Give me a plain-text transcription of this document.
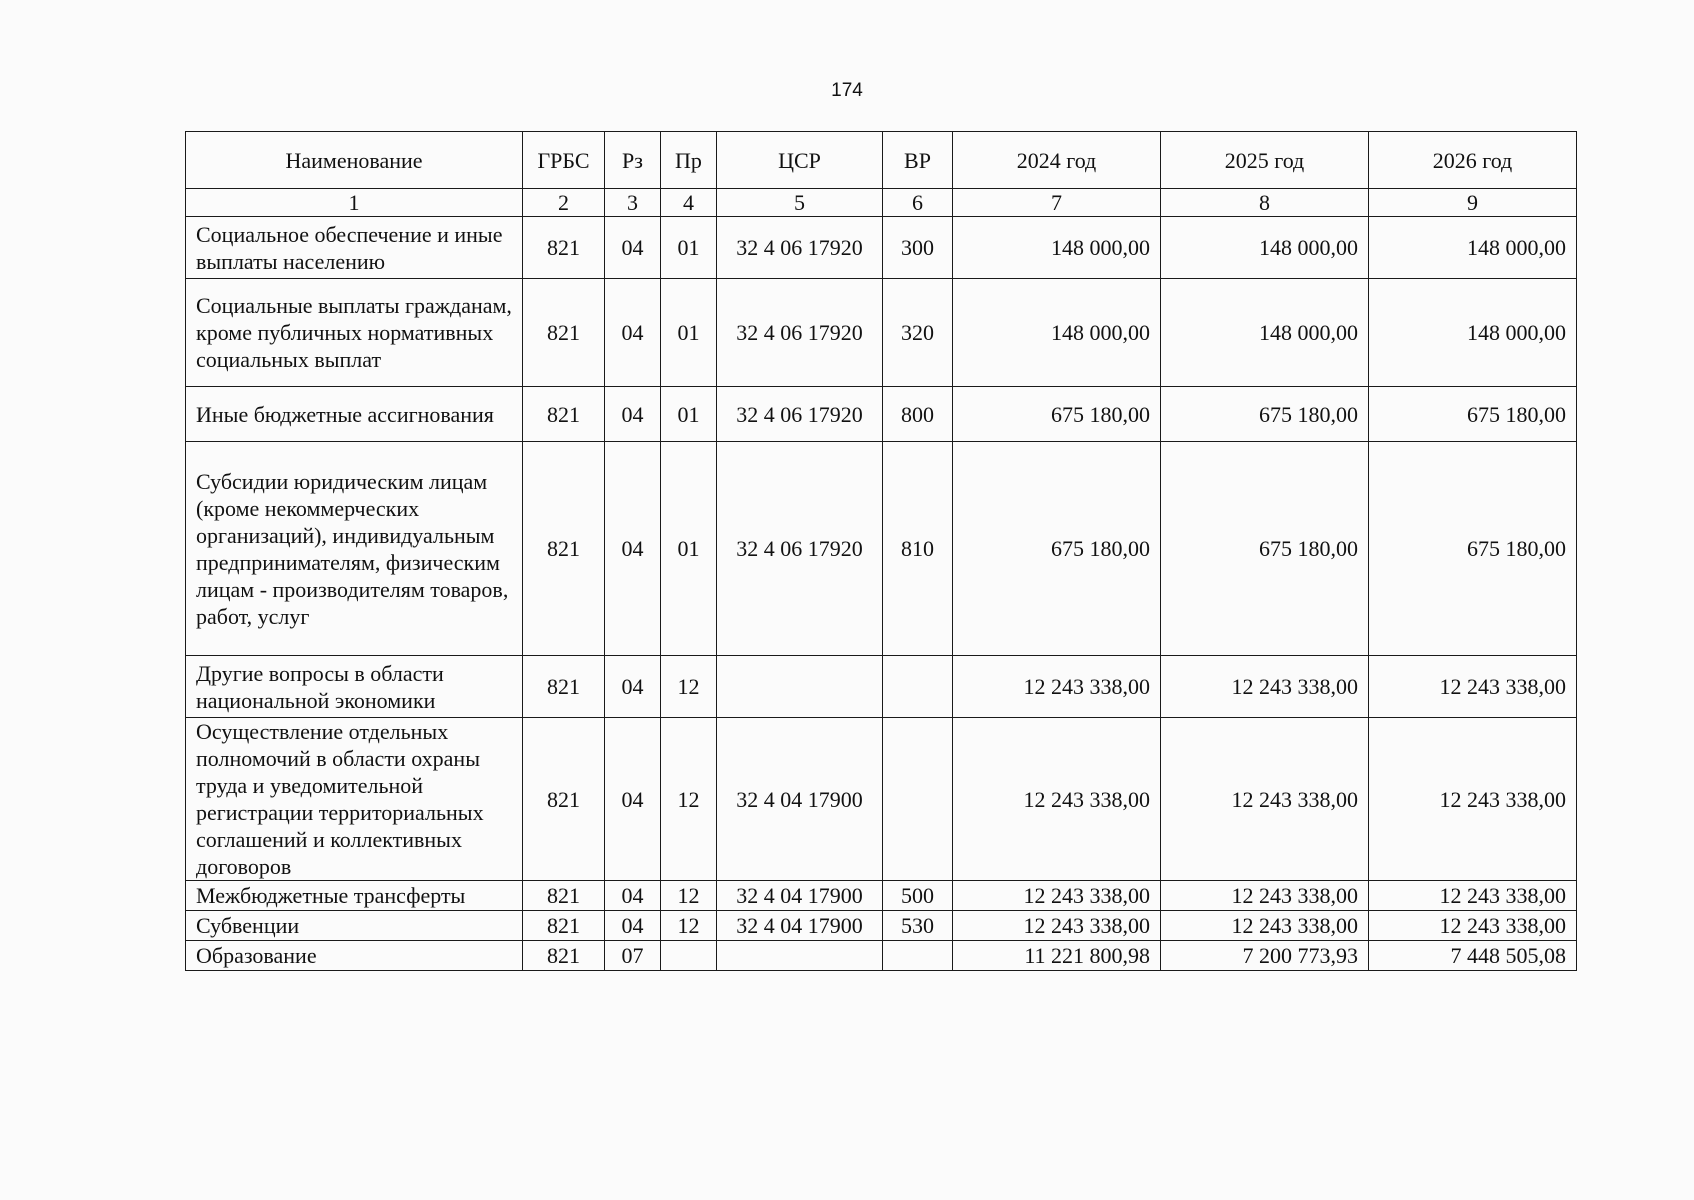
174
Наименование	ГРБС	Рз	Пр	ЦСР	ВР	2024 год	2025 год	2026 год
1	2	3	4	5	6	7	8	9
Социальное обеспечение и иные выплаты населению	821	04	01	32 4 06 17920	300	148 000,00	148 000,00	148 000,00
Социальные выплаты гражданам, кроме публичных нормативных социальных выплат	821	04	01	32 4 06 17920	320	148 000,00	148 000,00	148 000,00
Иные бюджетные ассигнования	821	04	01	32 4 06 17920	800	675 180,00	675 180,00	675 180,00
Субсидии юридическим лицам (кроме некоммерческих организаций), индивидуальным предпринимателям, физическим лицам - производителям товаров, работ, услуг	821	04	01	32 4 06 17920	810	675 180,00	675 180,00	675 180,00
Другие вопросы в области национальной экономики	821	04	12			12 243 338,00	12 243 338,00	12 243 338,00
Осуществление отдельных полномочий в области охраны труда и уведомительной регистрации территориальных соглашений и коллективных договоров	821	04	12	32 4 04 17900		12 243 338,00	12 243 338,00	12 243 338,00
Межбюджетные трансферты	821	04	12	32 4 04 17900	500	12 243 338,00	12 243 338,00	12 243 338,00
Субвенции	821	04	12	32 4 04 17900	530	12 243 338,00	12 243 338,00	12 243 338,00
Образование	821	07				11 221 800,98	7 200 773,93	7 448 505,08
